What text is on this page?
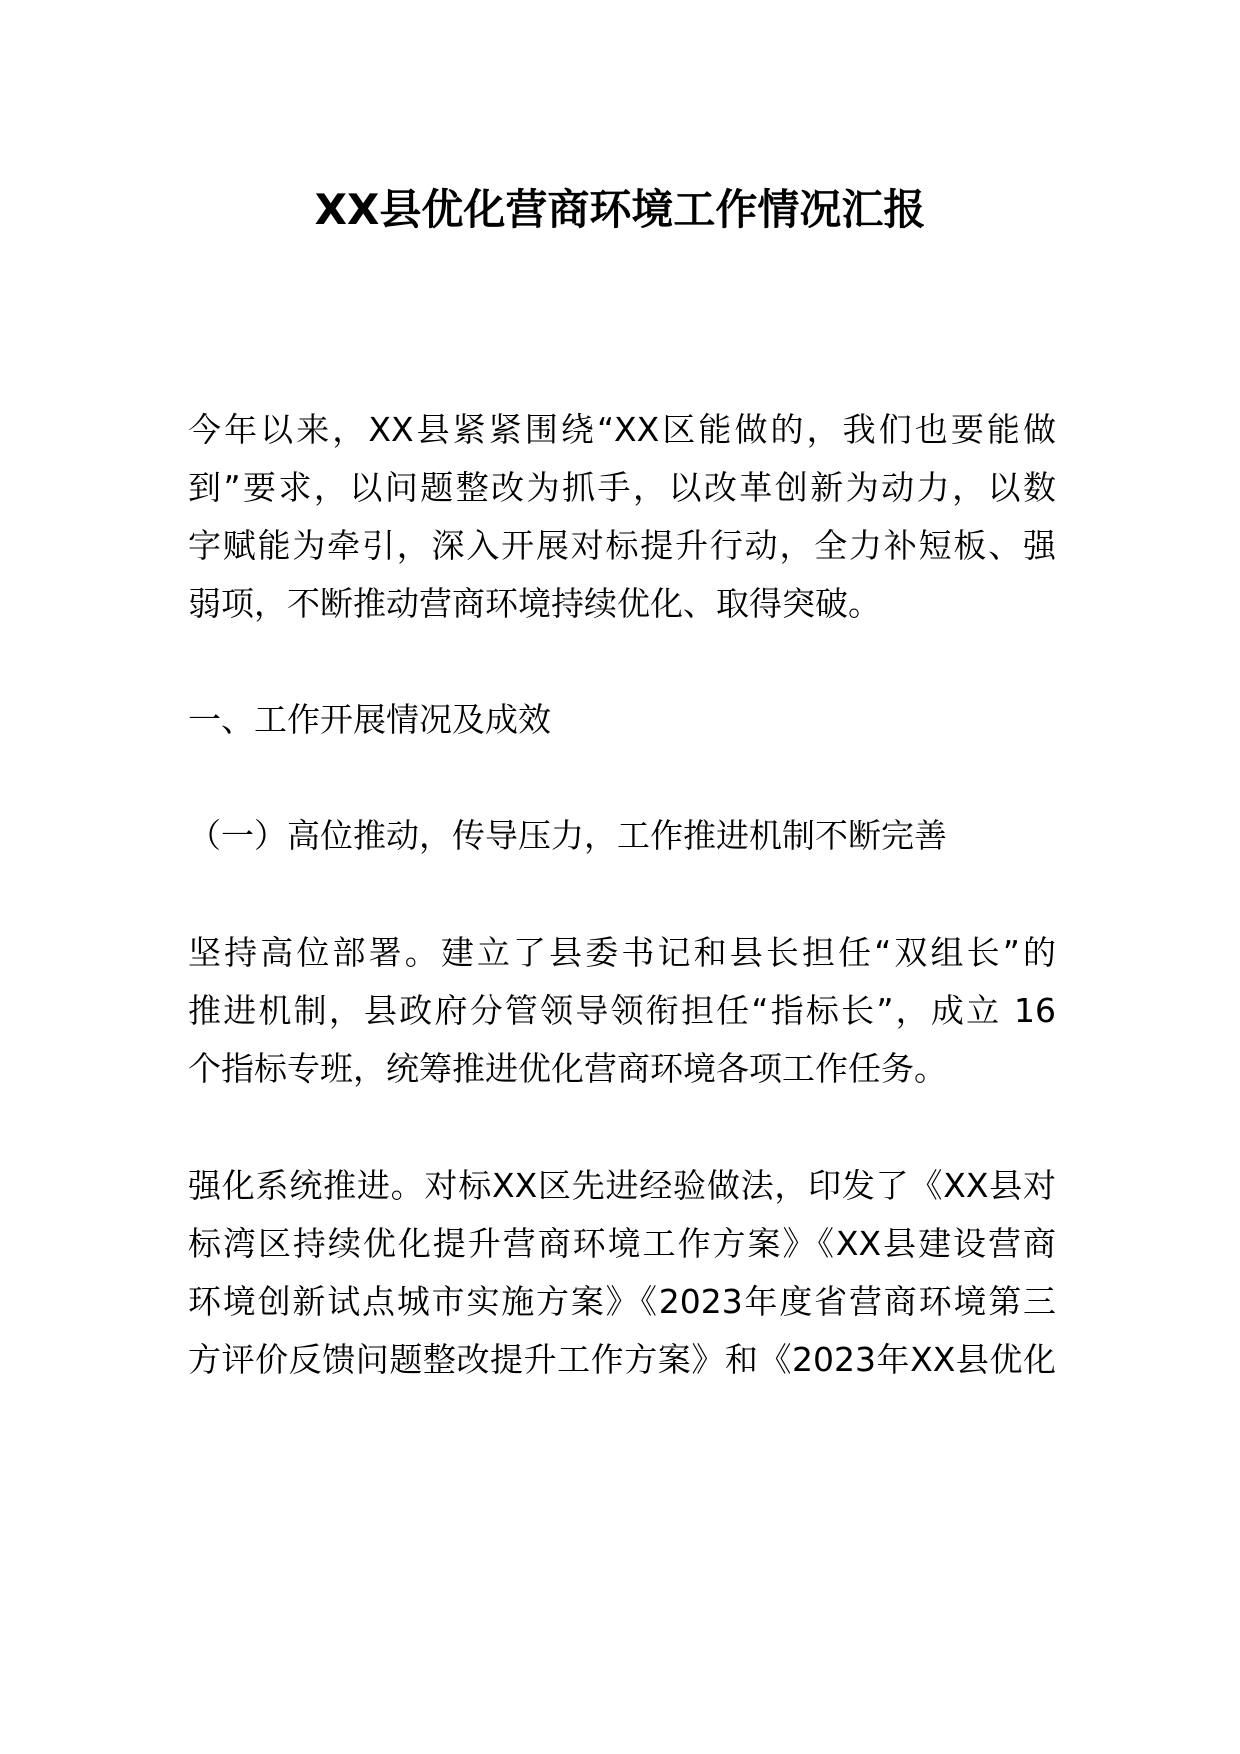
XX县优化营商环境工作情况汇报
今年以来，XX县紧紧围绕“XX区能做的，我们也要能做
到”要求，以问题整改为抓手，以改革创新为动力，以数
字赋能为牵引，深入开展对标提升行动，全力补短板、强
弱项，不断推动营商环境持续优化、取得突破。
一、工作开展情况及成效
（一）高位推动，传导压力，工作推进机制不断完善
坚持高位部署。建立了县委书记和县长担任“双组长”的
推进机制，县政府分管领导领衔担任“指标长”，成立 16
个指标专班，统筹推进优化营商环境各项工作任务。
强化系统推进。对标XX区先进经验做法，印发了《XX县对
标湾区持续优化提升营商环境工作方案》《XX县建设营商
环境创新试点城市实施方案》《2023年度省营商环境第三
方评价反馈问题整改提升工作方案》和《2023年XX县优化
